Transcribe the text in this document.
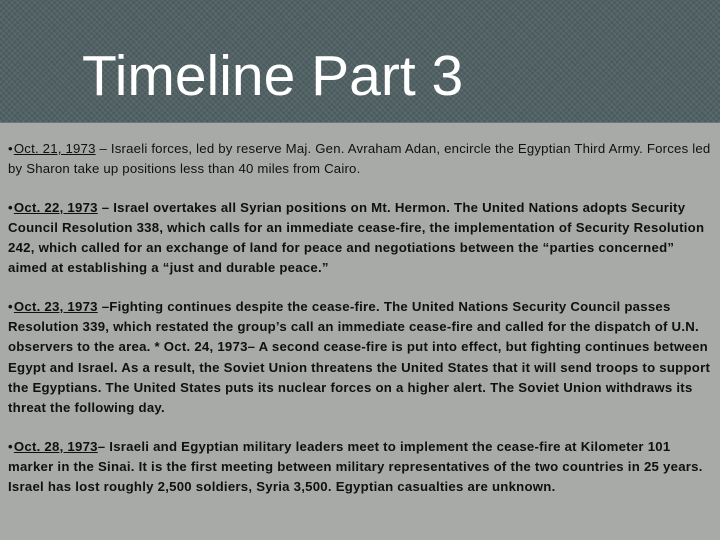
Timeline Part 3

•Oct. 21, 1973 – Israeli forces, led by reserve Maj. Gen. Avraham Adan, encircle the Egyptian Third Army. Forces led by Sharon take up positions less than 40 miles from Cairo.

•Oct. 22, 1973 – Israel overtakes all Syrian positions on Mt. Hermon. The United Nations adopts Security Council Resolution 338, which calls for an immediate cease-fire, the implementation of Security Resolution 242, which called for an exchange of land for peace and negotiations between the “parties concerned” aimed at establishing a “just and durable peace.”

•Oct. 23, 1973 –Fighting continues despite the cease-fire. The United Nations Security Council passes Resolution 339, which restated the group’s call an immediate cease-fire and called for the dispatch of U.N. observers to the area. * Oct. 24, 1973– A second cease-fire is put into effect, but fighting continues between Egypt and Israel. As a result, the Soviet Union threatens the United States that it will send troops to support the Egyptians. The United States puts its nuclear forces on a higher alert. The Soviet Union withdraws its threat the following day.

•Oct. 28, 1973– Israeli and Egyptian military leaders meet to implement the cease-fire at Kilometer 101 marker in the Sinai. It is the first meeting between military representatives of the two countries in 25 years. Israel has lost roughly 2,500 soldiers, Syria 3,500. Egyptian casualties are unknown.
